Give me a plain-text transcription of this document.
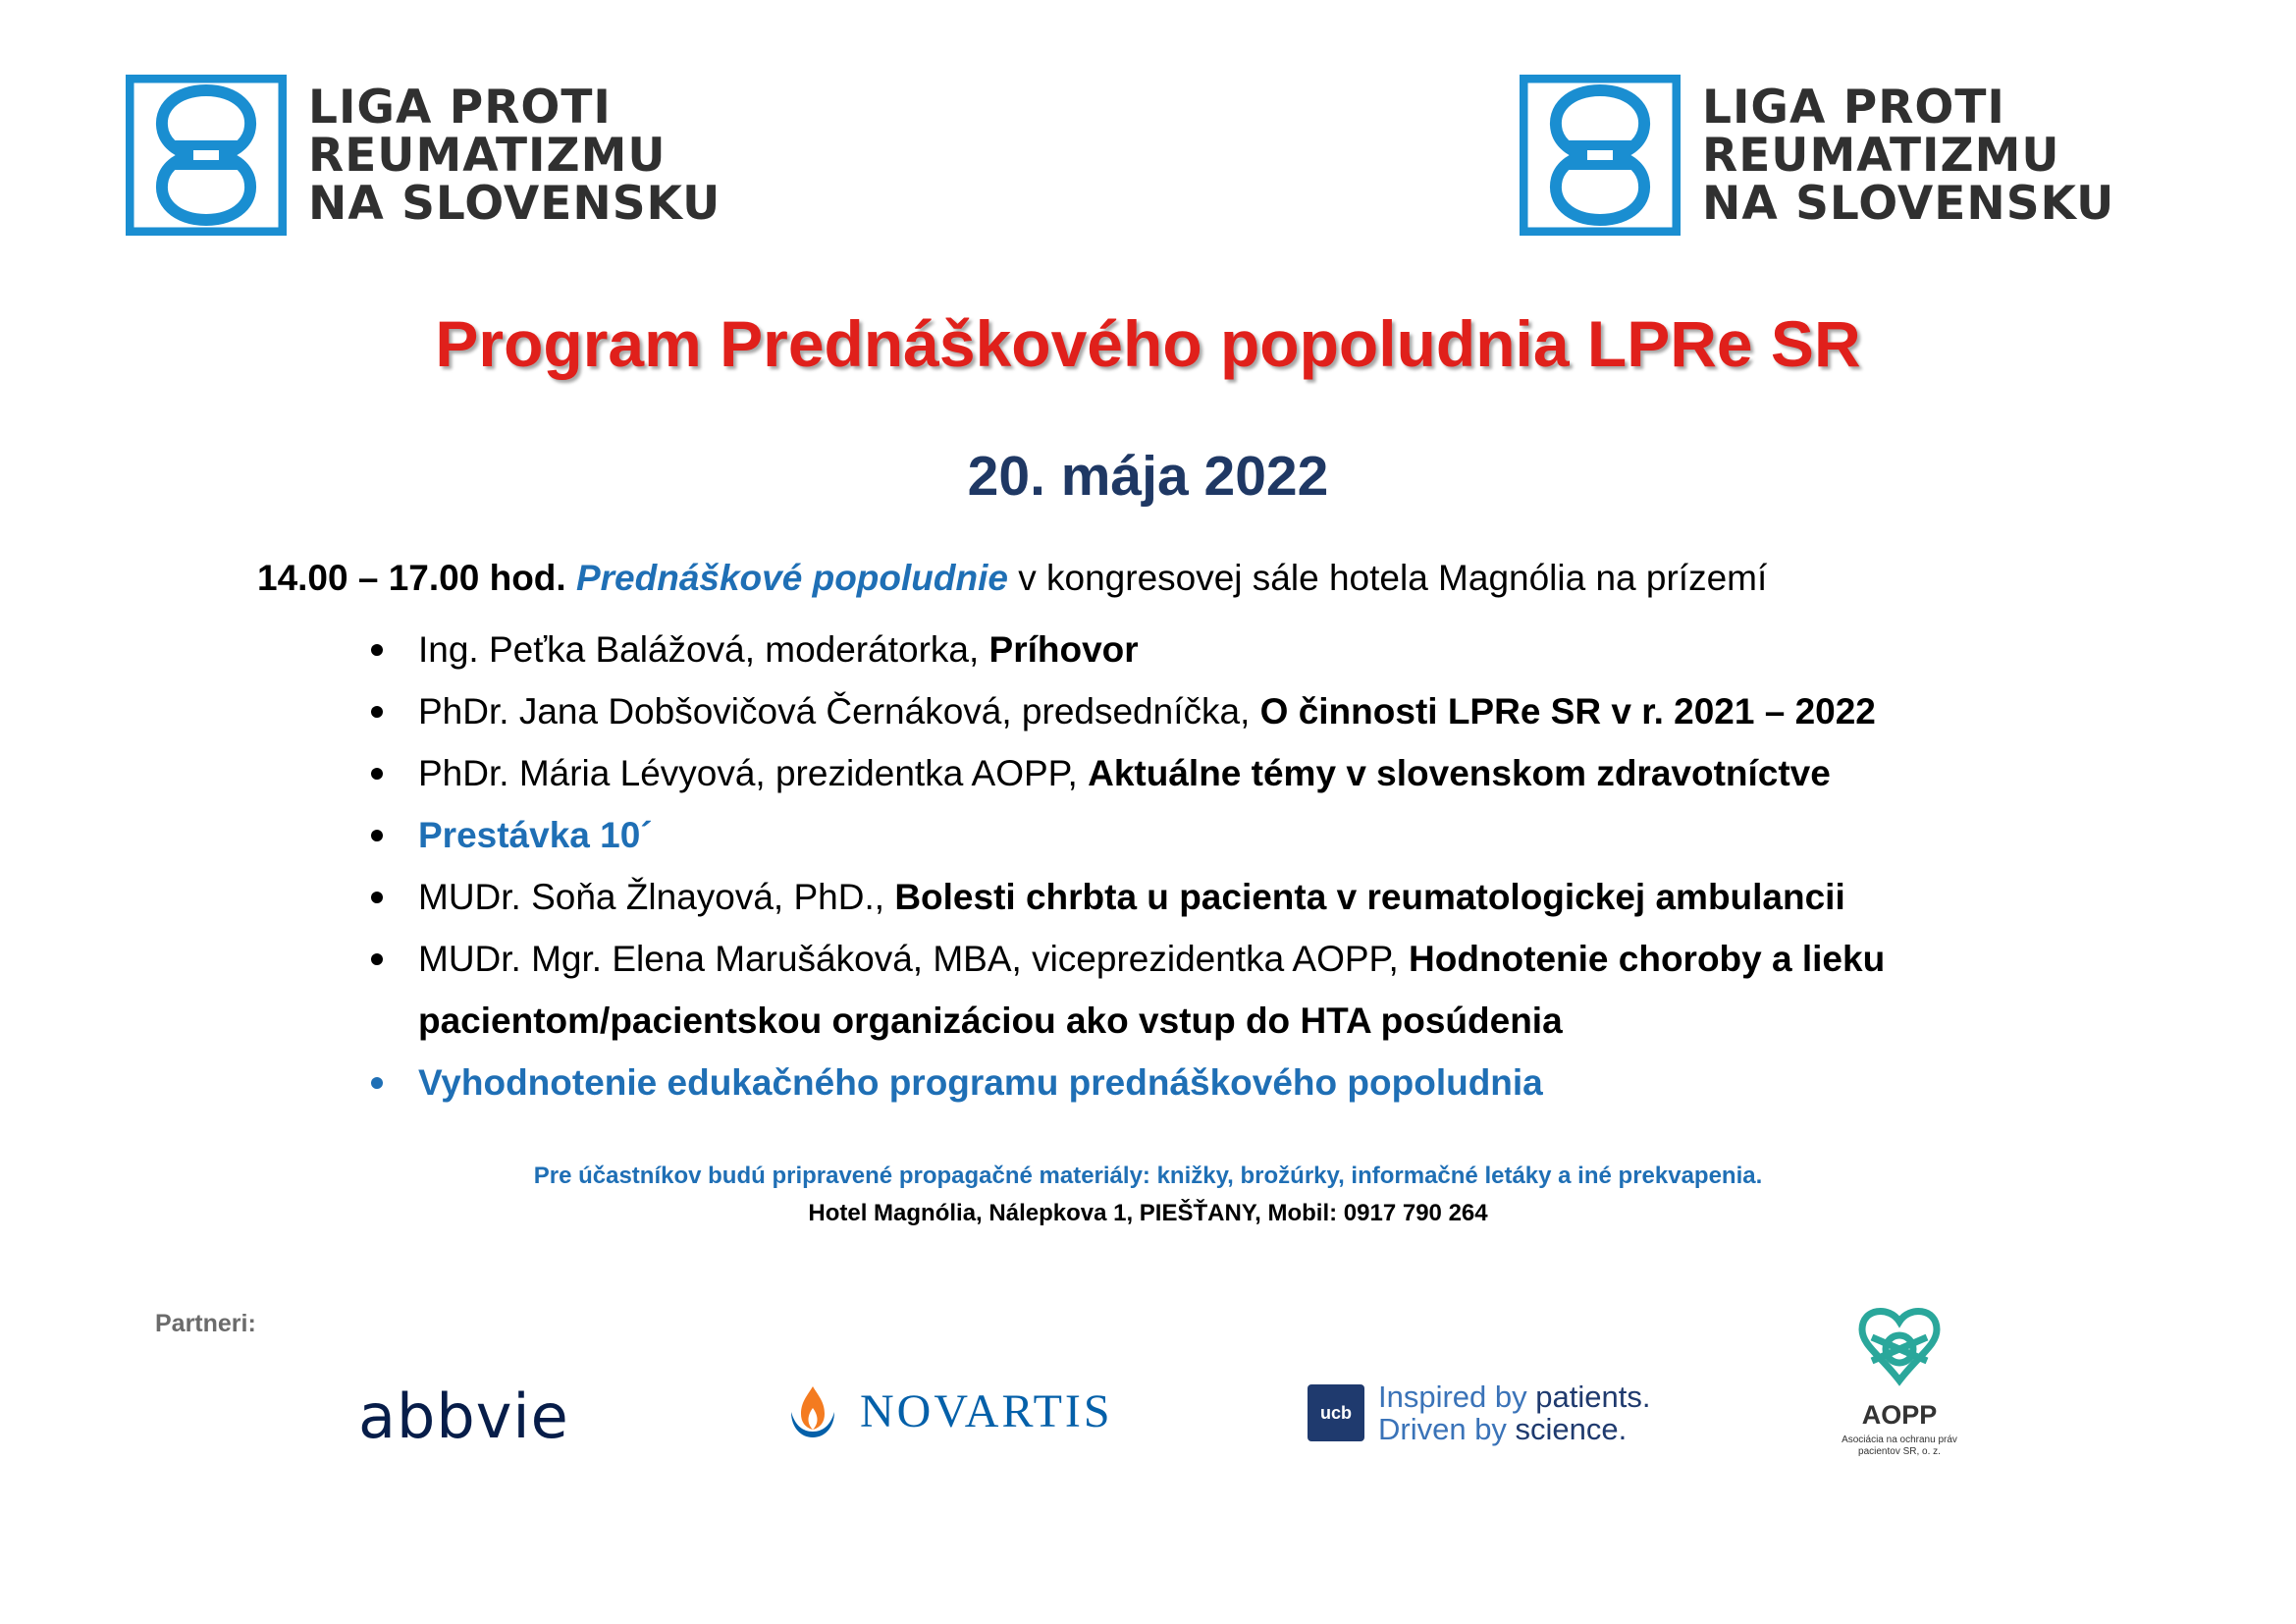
LIGA PROTI
REUMATIZMU
NA SLOVENSKU
LIGA PROTI
REUMATIZMU
NA SLOVENSKU
Program Prednáškového popoludnia LPRe SR
20. mája 2022
14.00 – 17.00 hod. Prednáškové popoludnie v kongresovej sále hotela Magnólia na prízemí
Ing. Peťka Balážová, moderátorka, Príhovor
PhDr. Jana Dobšovičová Černáková, predsedníčka, O činnosti LPRe SR v r. 2021 – 2022
PhDr. Mária Lévyová, prezidentka AOPP, Aktuálne témy v slovenskom zdravotníctve
Prestávka 10´
MUDr. Soňa Žlnayová, PhD., Bolesti chrbta u pacienta v reumatologickej ambulancii
MUDr. Mgr. Elena Marušáková, MBA, viceprezidentka AOPP, Hodnotenie choroby a lieku pacientom/pacientskou organizáciou ako vstup do HTA posúdenia
Vyhodnotenie edukačného programu prednáškového popoludnia
Pre účastníkov budú pripravené propagačné materiály: knižky, brožúrky, informačné letáky a iné prekvapenia.
Hotel Magnólia, Nálepkova 1, PIEŠŤANY, Mobil: 0917 790 264
Partneri:
abbvie	NOVARTIS	ucb Inspired by patients.
Driven by science.	AOPP
Asociácia na ochranu práv
pacientov SR, o. z.
